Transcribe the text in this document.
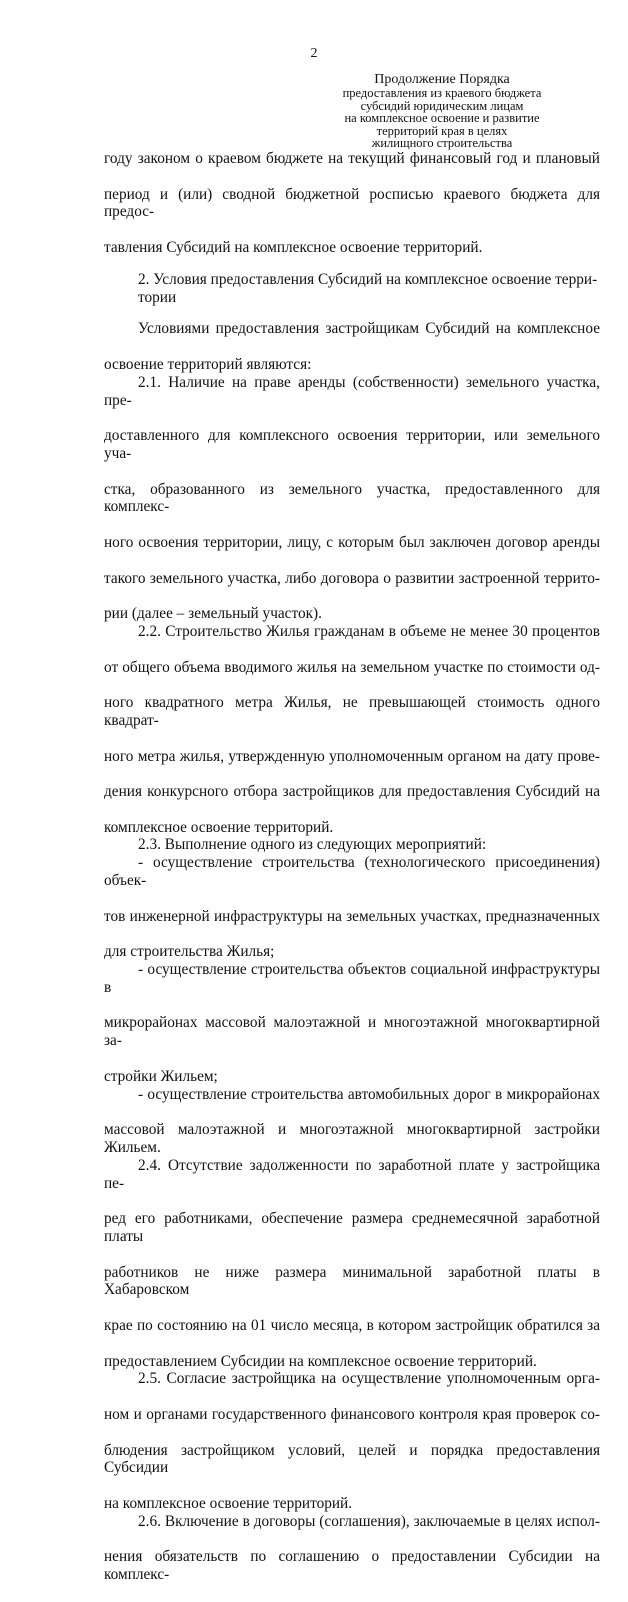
2
Продолжение Порядка
предоставления из краевого бюджета
субсидий юридическим лицам
на комплексное освоение и развитие
территорий края в целях
жилищного строительства

году законом о краевом бюджете на текущий финансовый год и плановый

период и (или) сводной бюджетной росписью краевого бюджета для предос-

тавления Субсидий на комплексное освоение территорий.

2. Условия предоставления Субсидий на комплексное освоение терри-
тории

Условиями предоставления застройщикам Субсидий на комплексное

освоение территорий являются:

2.1. Наличие на праве аренды (собственности) земельного участка, пре-

доставленного для комплексного освоения территории, или земельного уча-

стка, образованного из земельного участка, предоставленного для комплекс-

ного освоения территории, лицу, с которым был заключен договор аренды

такого земельного участка, либо договора о развитии застроенной террито-

рии (далее – земельный участок).

2.2. Строительство Жилья гражданам в объеме не менее 30 процентов

от общего объема вводимого жилья на земельном участке по стоимости од-

ного квадратного метра Жилья, не превышающей стоимость одного квадрат-

ного метра жилья, утвержденную уполномоченным органом на дату прове-

дения конкурсного отбора застройщиков для предоставления Субсидий на

комплексное освоение территорий.

2.3. Выполнение одного из следующих мероприятий:

- осуществление строительства (технологического присоединения) объек-

тов инженерной инфраструктуры на земельных участках, предназначенных

для строительства Жилья;

- осуществление строительства объектов социальной инфраструктуры в

микрорайонах массовой малоэтажной и многоэтажной многоквартирной за-

стройки Жильем;

- осуществление строительства автомобильных дорог в микрорайонах

массовой малоэтажной и многоэтажной многоквартирной застройки Жильем.

2.4. Отсутствие задолженности по заработной плате у застройщика пе-

ред его работниками, обеспечение размера среднемесячной заработной платы

работников не ниже размера минимальной заработной платы в Хабаровском

крае по состоянию на 01 число месяца, в котором застройщик обратился за

предоставлением Субсидии на комплексное освоение территорий.

2.5. Согласие застройщика на осуществление уполномоченным орга-

ном и органами государственного финансового контроля края проверок со-

блюдения застройщиком условий, целей и порядка предоставления Субсидии

на комплексное освоение территорий.

2.6. Включение в договоры (соглашения), заключаемые в целях испол-

нения обязательств по соглашению о предоставлении Субсидии на комплекс-
